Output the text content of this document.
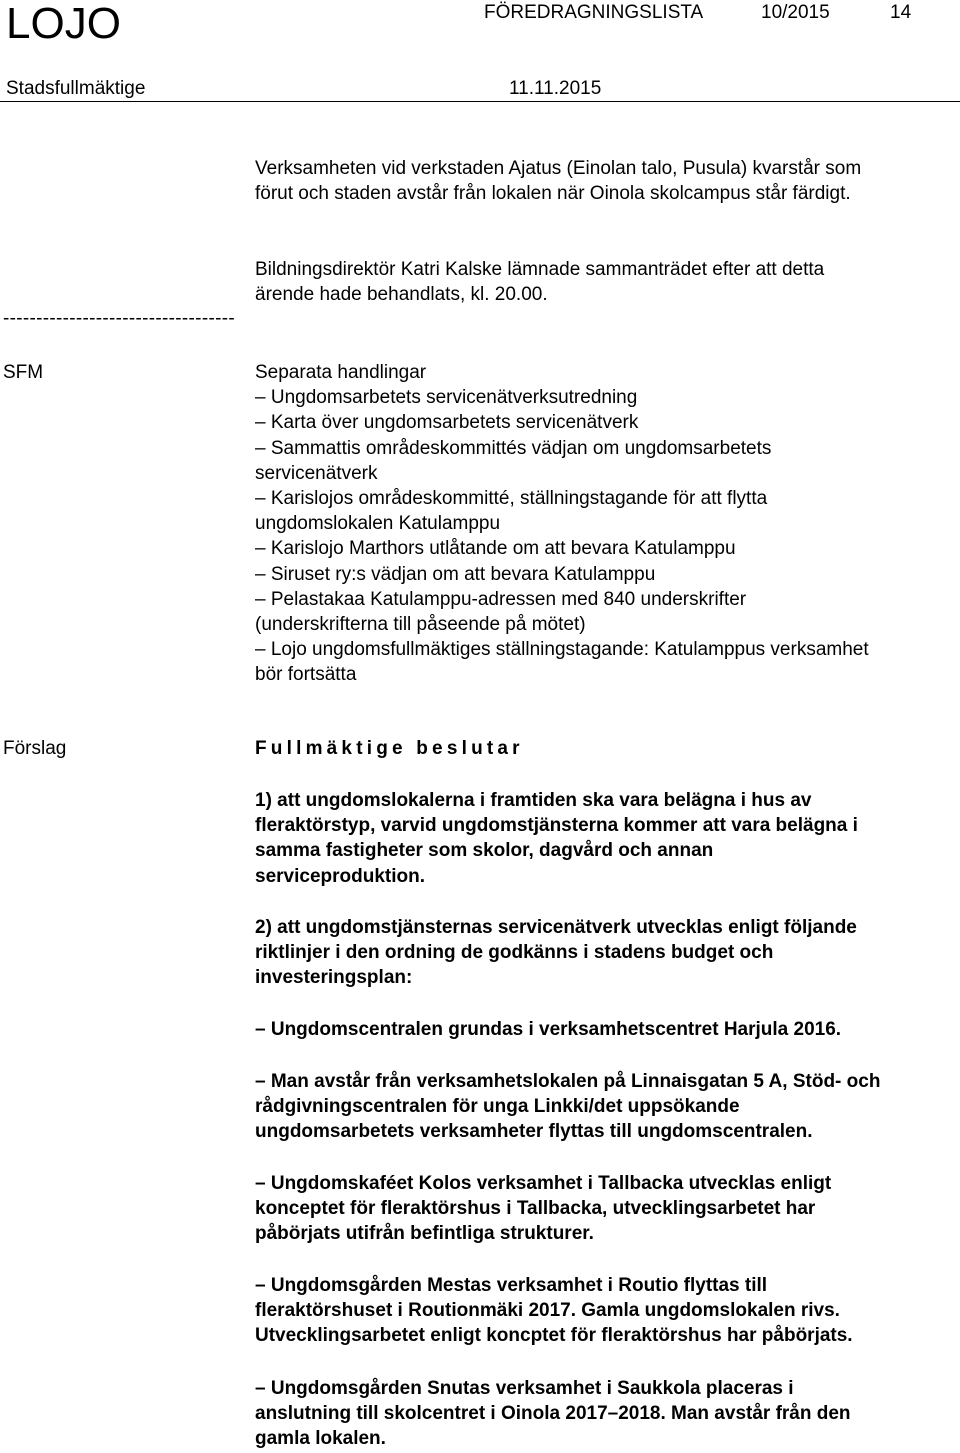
LOJO	FÖREDRAGNINGSLISTA	10/2015	14
Stadsfullmäktige	11.11.2015
Verksamheten vid verkstaden Ajatus (Einolan talo, Pusula) kvarstår som
förut och staden avstår från lokalen när Oinola skolcampus står färdigt.
Bildningsdirektör Katri Kalske lämnade sammanträdet efter att detta
ärende hade behandlats, kl. 20.00.
-----------------------------------
SFM	Separata handlingar
– Ungdomsarbetets servicenätverksutredning
– Karta över ungdomsarbetets servicenätverk
– Sammattis områdeskommittés vädjan om ungdomsarbetets
servicenätverk
– Karislojos områdeskommitté, ställningstagande för att flytta
ungdomslokalen Katulamppu
– Karislojo Marthors utlåtande om att bevara Katulamppu
– Siruset ry:s vädjan om att bevara Katulamppu
– Pelastakaa Katulamppu-adressen med 840 underskrifter
(underskrifterna till påseende på mötet)
– Lojo ungdomsfullmäktiges ställningstagande: Katulamppus verksamhet
bör fortsätta
Förslag	Fullmäktige beslutar
1) att ungdomslokalerna i framtiden ska vara belägna i hus av
fleraktörstyp, varvid ungdomstjänsterna kommer att vara belägna i
samma fastigheter som skolor, dagvård och annan
serviceproduktion.
2) att ungdomstjänsternas servicenätverk utvecklas enligt följande
riktlinjer i den ordning de godkänns i stadens budget och
investeringsplan:
– Ungdomscentralen grundas i verksamhetscentret Harjula 2016.
– Man avstår från verksamhetslokalen på Linnaisgatan 5 A, Stöd- och
rådgivningscentralen för unga Linkki/det uppsökande
ungdomsarbetets verksamheter flyttas till ungdomscentralen.
– Ungdomskaféet Kolos verksamhet i Tallbacka utvecklas enligt
konceptet för fleraktörshus i Tallbacka, utvecklingsarbetet har
påbörjats utifrån befintliga strukturer.
– Ungdomsgården Mestas verksamhet i Routio flyttas till
fleraktörshuset i Routionmäki 2017. Gamla ungdomslokalen rivs.
Utvecklingsarbetet enligt koncptet för fleraktörshus har påbörjats.
– Ungdomsgården Snutas verksamhet i Saukkola placeras i
anslutning till skolcentret i Oinola 2017–2018. Man avstår från den
gamla lokalen.
